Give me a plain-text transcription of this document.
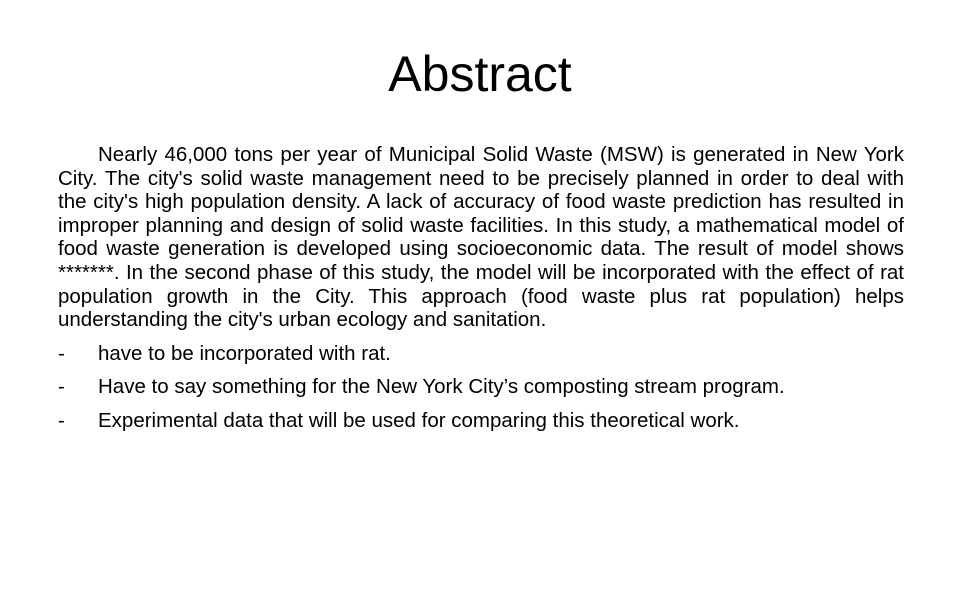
Abstract

Nearly 46,000 tons per year of Municipal Solid Waste (MSW) is generated in New York City. The city's solid waste management need to be precisely planned in order to deal with the city's high population density. A lack of accuracy of food waste prediction has resulted in improper planning and design of solid waste facilities. In this study, a mathematical model of food waste generation is developed using socioeconomic data. The result of model shows *******. In the second phase of this study, the model will be incorporated with the effect of rat population growth in the City. This approach (food waste plus rat population) helps understanding the city's urban ecology and sanitation.

- have to be incorporated with rat.
- Have to say something for the New York City’s composting stream program.
- Experimental data that will be used for comparing this theoretical work.
